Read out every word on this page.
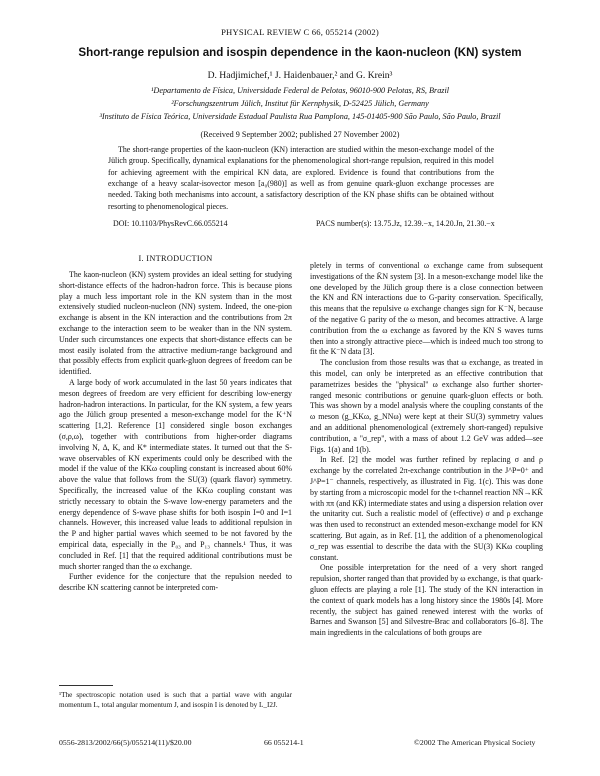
PHYSICAL REVIEW C 66, 055214 (2002)
Short-range repulsion and isospin dependence in the kaon-nucleon (KN) system
D. Hadjimichef,¹ J. Haidenbauer,² and G. Krein³
¹Departamento de Física, Universidade Federal de Pelotas, 96010-900 Pelotas, RS, Brazil
²Forschungszentrum Jülich, Institut für Kernphysik, D-52425 Jülich, Germany
³Instituto de Física Teórica, Universidade Estadual Paulista Rua Pamplona, 145-01405-900 São Paulo, São Paulo, Brazil
(Received 9 September 2002; published 27 November 2002)

The short-range properties of the kaon-nucleon (KN) interaction are studied within the meson-exchange model of the Jülich group. Specifically, dynamical explanations for the phenomenological short-range repulsion, required in this model for achieving agreement with the empirical KN data, are explored. Evidence is found that contributions from the exchange of a heavy scalar-isovector meson [a₀(980)] as well as from genuine quark-gluon exchange processes are needed. Taking both mechanisms into account, a satisfactory description of the KN phase shifts can be obtained without resorting to phenomenological pieces.

DOI: 10.1103/PhysRevC.66.055214	PACS number(s): 13.75.Jz, 12.39.−x, 14.20.Jn, 21.30.−x
I. INTRODUCTION

The kaon-nucleon (KN) system provides an ideal setting for studying short-distance effects of the hadron-hadron force. This is because pions play a much less important role in the KN system than in the most extensively studied nucleon-nucleon (NN) system. Indeed, the one-pion exchange is absent in the KN interaction and the contributions from 2π exchange to the interaction seem to be weaker than in the NN system. Under such circumstances one expects that short-distance effects can be most easily isolated from the attractive medium-range background and that possibly effects from explicit quark-gluon degrees of freedom can be identified.

A large body of work accumulated in the last 50 years indicates that meson degrees of freedom are very efficient for describing low-energy hadron-hadron interactions. In particular, for the KN system, a few years ago the Jülich group presented a meson-exchange model for the K⁺N scattering [1,2]. Reference [1] considered single boson exchanges (σ,ρ,ω), together with contributions from higher-order diagrams involving N, Δ, K, and K* intermediate states. It turned out that the S-wave observables of KN experiments could only be described with the model if the value of the KKω coupling constant is increased about 60% above the value that follows from the SU(3) (quark flavor) symmetry. Specifically, the increased value of the KKω coupling constant was strictly necessary to obtain the S-wave low-energy parameters and the energy dependence of S-wave phase shifts for both isospin I=0 and I=1 channels. However, this increased value leads to additional repulsion in the P and higher partial waves which seemed to be not favored by the empirical data, especially in the P₀₃ and P₁₃ channels.¹ Thus, it was concluded in Ref. [1] that the required additional contributions must be much shorter ranged than the ω exchange.

Further evidence for the conjecture that the repulsion needed to describe KN scattering cannot be interpreted com-

pletely in terms of conventional ω exchange came from subsequent investigations of the K̄N system [3]. In a meson-exchange model like the one developed by the Jülich group there is a close connection between the KN and K̄N interactions due to G-parity conservation. Specifically, this means that the repulsive ω exchange changes sign for K⁻N, because of the negative G parity of the ω meson, and becomes attractive. A large contribution from the ω exchange as favored by the KN S waves turns then into a strongly attractive piece—which is indeed much too strong to fit the K⁻N data [3].

The conclusion from those results was that ω exchange, as treated in this model, can only be interpreted as an effective contribution that parametrizes besides the "physical" ω exchange also further shorter-ranged mesonic contributions or genuine quark-gluon effects or both. This was shown by a model analysis where the coupling constants of the ω meson (g_KKω, g_NNω) were kept at their SU(3) symmetry values and an additional phenomenological (extremely short-ranged) repulsive contribution, a "σ_rep", with a mass of about 1.2 GeV was added—see Figs. 1(a) and 1(b).

In Ref. [2] the model was further refined by replacing σ and ρ exchange by the correlated 2π-exchange contribution in the J^P=0⁺ and J^P=1⁻ channels, respectively, as illustrated in Fig. 1(c). This was done by starting from a microscopic model for the t-channel reaction NN̄→KK̄ with ππ (and KK̄) intermediate states and using a dispersion relation over the unitarity cut. Such a realistic model of (effective) σ and ρ exchange was then used to reconstruct an extended meson-exchange model for KN scattering. But again, as in Ref. [1], the addition of a phenomenological σ_rep was essential to describe the data with the SU(3) KKω coupling constant.

One possible interpretation for the need of a very short ranged repulsion, shorter ranged than that provided by ω exchange, is that quark-gluon effects are playing a role [1]. The study of the KN interaction in the context of quark models has a long history since the 1980s [4]. More recently, the subject has gained renewed interest with the works of Barnes and Swanson [5] and Silvestre-Brac and collaborators [6–8]. The main ingredients in the calculations of both groups are

¹The spectroscopic notation used is such that a partial wave with angular momentum L, total angular momentum J, and isospin I is denoted by L_I2J.
0556-2813/2002/66(5)/055214(11)/$20.00	66 055214-1	©2002 The American Physical Society
